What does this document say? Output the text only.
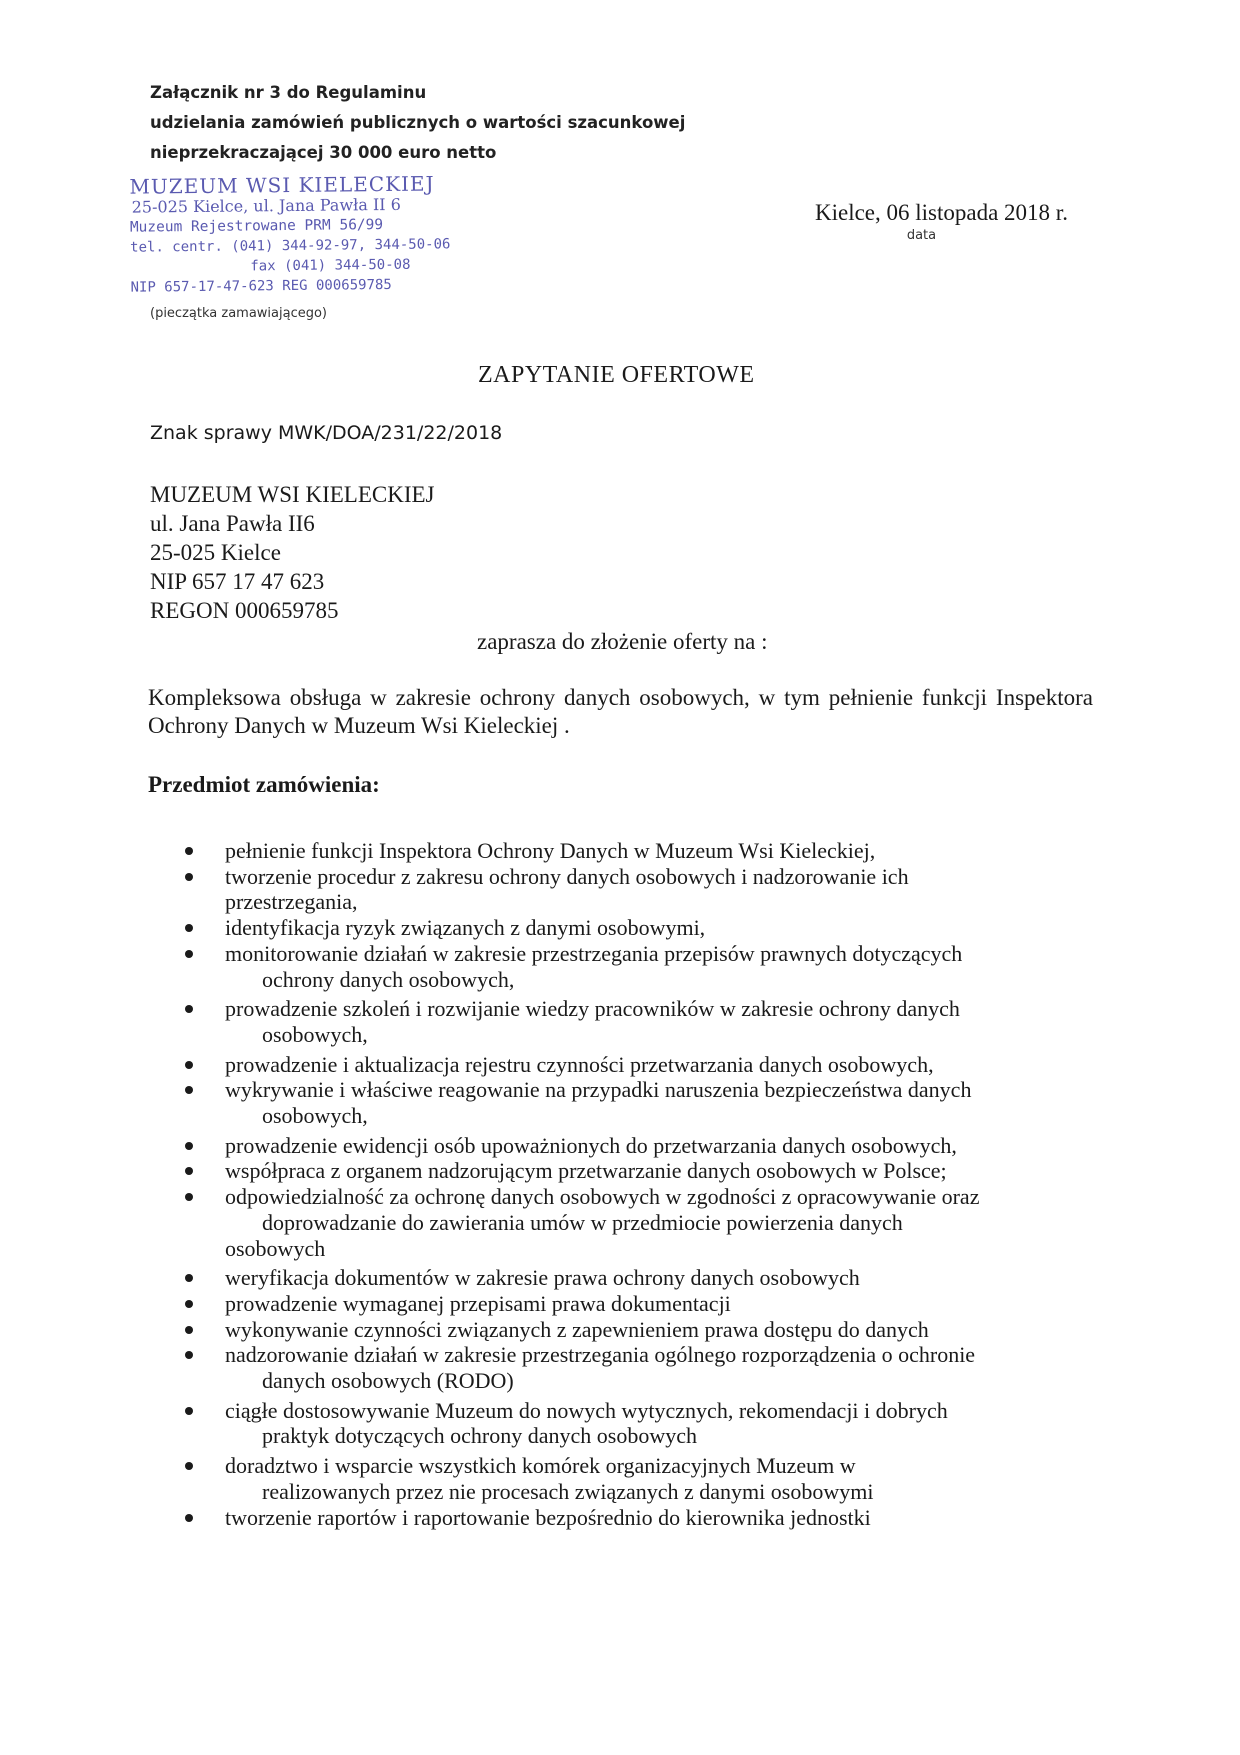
Załącznik nr 3 do Regulaminu
udzielania zamówień publicznych o wartości szacunkowej
nieprzekraczającej 30 000 euro netto
MUZEUM WSI KIELECKIEJ
25-025 Kielce, ul. Jana Pawła II 6
Muzeum Rejestrowane PRM 56/99
tel. centr. (041) 344-92-97, 344-50-06
fax (041) 344-50-08
NIP 657-17-47-623 REG 000659785
(pieczątka zamawiającego)
Kielce, 06 listopada 2018 r.
data
ZAPYTANIE OFERTOWE
Znak sprawy MWK/DOA/231/22/2018
MUZEUM WSI KIELECKIEJ
ul. Jana Pawła II6
25-025 Kielce
NIP 657 17 47 623
REGON 000659785
zaprasza do złożenie oferty na :
Kompleksowa obsługa w zakresie ochrony danych osobowych, w tym pełnienie funkcji Inspektora Ochrony Danych w Muzeum Wsi Kieleckiej .
Przedmiot zamówienia:
pełnienie funkcji Inspektora Ochrony Danych w Muzeum Wsi Kieleckiej,
tworzenie procedur z zakresu ochrony danych osobowych i nadzorowanie ich
przestrzegania,
identyfikacja ryzyk związanych z danymi osobowymi,
monitorowanie działań w zakresie przestrzegania przepisów prawnych dotyczących
ochrony danych osobowych,
prowadzenie szkoleń i rozwijanie wiedzy pracowników w zakresie ochrony danych
osobowych,
prowadzenie i aktualizacja rejestru czynności przetwarzania danych osobowych,
wykrywanie i właściwe reagowanie na przypadki naruszenia bezpieczeństwa danych
osobowych,
prowadzenie ewidencji osób upoważnionych do przetwarzania danych osobowych,
współpraca z organem nadzorującym przetwarzanie danych osobowych w Polsce;
odpowiedzialność za ochronę danych osobowych w zgodności z opracowywanie oraz
doprowadzanie do zawierania umów w przedmiocie powierzenia danych
osobowych
weryfikacja dokumentów w zakresie prawa ochrony danych osobowych
prowadzenie wymaganej przepisami prawa dokumentacji
wykonywanie czynności związanych z zapewnieniem prawa dostępu do danych
nadzorowanie działań w zakresie przestrzegania ogólnego rozporządzenia o ochronie
danych osobowych (RODO)
ciągłe dostosowywanie Muzeum do nowych wytycznych, rekomendacji i dobrych
praktyk dotyczących ochrony danych osobowych
doradztwo i wsparcie wszystkich komórek organizacyjnych Muzeum w
realizowanych przez nie procesach związanych z danymi osobowymi
tworzenie raportów i raportowanie bezpośrednio do kierownika jednostki
